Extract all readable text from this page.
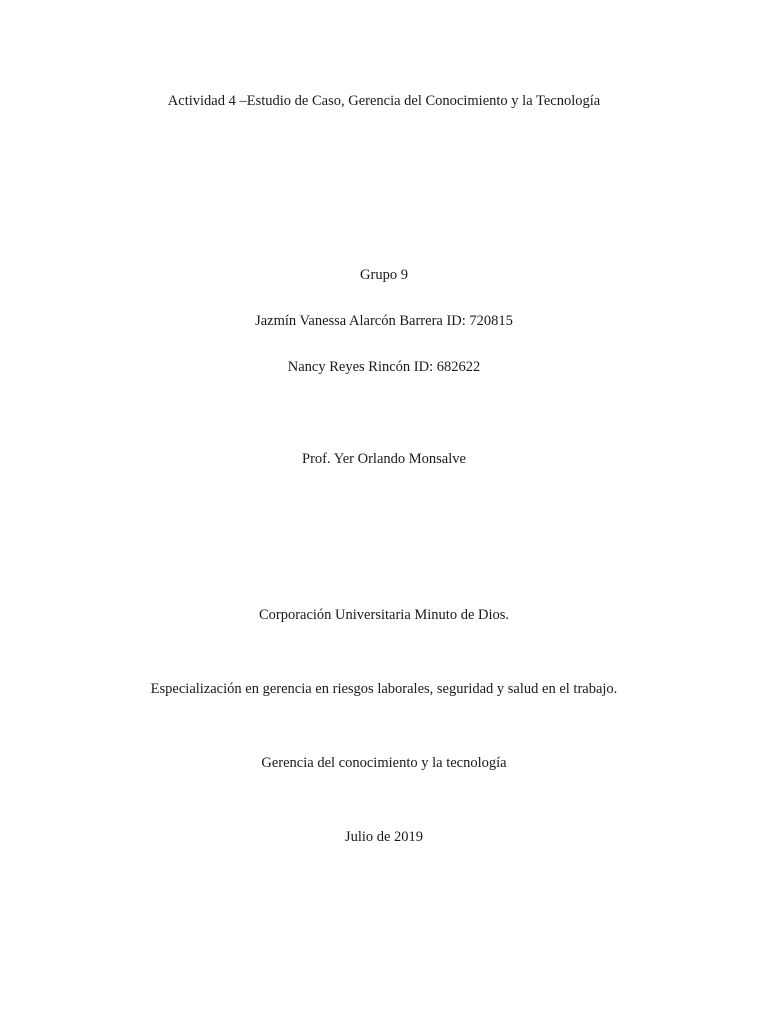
Actividad 4 –Estudio de Caso, Gerencia del Conocimiento y la Tecnología
Grupo 9
Jazmín Vanessa Alarcón Barrera ID: 720815
Nancy Reyes Rincón ID: 682622
Prof. Yer Orlando Monsalve
Corporación Universitaria Minuto de Dios.
Especialización en gerencia en riesgos laborales, seguridad y salud en el trabajo.
Gerencia del conocimiento y la tecnología
Julio de 2019
